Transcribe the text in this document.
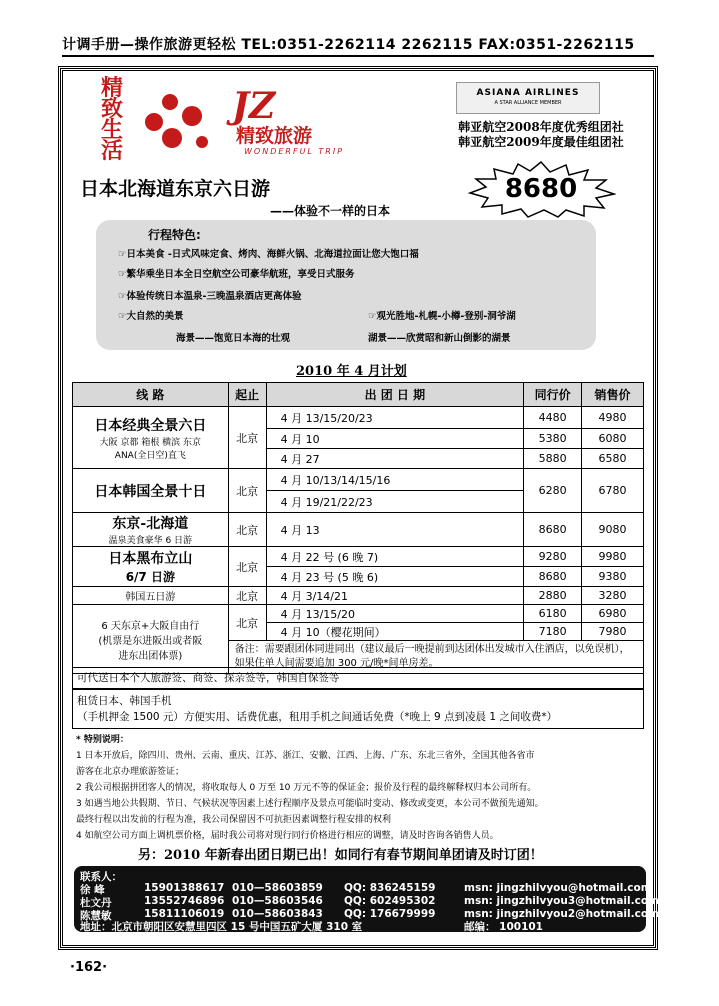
计调手册—操作旅游更轻松 TEL:0351-2262114 2262115 FAX:0351-2262115
精
致
生
活
JZ
精致旅游
WONDERFUL TRIP
ASIANA AIRLINES
A STAR ALLIANCE MEMBER
韩亚航空2008年度优秀组团社
韩亚航空2009年度最佳组团社
日本北海道东京六日游
——体验不一样的日本
8680
行程特色:
☞日本美食 -日式风味定食、烤肉、海鲜火锅、北海道拉面让您大饱口福
☞繁华乘坐日本全日空航空公司豪华航班，享受日式服务
☞体验传统日本温泉-三晚温泉酒店更高体验
☞大自然的美景	☞观光胜地-札幌-小樽-登别-洞爷湖
海景——饱览日本海的壮观	湖景——欣赏昭和新山倒影的湖景
2010 年 4 月计划
线 路	起止	出 团 日 期	同行价	销售价

日本经典全景六日
大阪 京都 箱根 横滨 东京
ANA(全日空)直飞	北京	4 月 13/15/20/23	4480	4980
		4 月 10	5380	6080
		4 月 27	5880	6580

日本韩国全景十日	北京	4 月 10/13/14/15/16	6280	6780
		4 月 19/21/22/23		

东京-北海道
温泉美食豪华 6 日游	北京	4 月 13	8680	9080

日本黑布立山
6/7 日游	北京	4 月 22 号 (6 晚 7)	9280	9980
		4 月 23 号 (5 晚 6)	8680	9380

韩国五日游	北京	4 月 3/14/21	2880	3280

6 天东京+大阪自由行
(机票是东进阪出或者阪
进东出团体票)	北京	4 月 13/15/20	6180	6980
		4 月 10（樱花期间）	7180	7980
	备注：需要跟团体同进同出（建议最后一晚提前到达团体出发城市入住酒店，以免误机），如果住单人间需要追加 300 元/晚*间单房差。			
可代送日本个人旅游签、商签、探亲签等，韩国自保签等
租赁日本、韩国手机
（手机押金 1500 元）方便实用、话费优惠，租用手机之间通话免费（*晚上 9 点到凌晨 1 之间收费*）
* 特别说明：
1 日本开放后，除四川、贵州、云南、重庆、江苏、浙江、安徽、江西、上海、广东、东北三省外，全国其他各省市
游客在北京办理旅游签证；
2 我公司根据拼团客人的情况，将收取每人 0 万至 10 万元不等的保证金；报价及行程的最终解释权归本公司所有。
3 如遇当地公共假期、节日、气候状况等因素上述行程顺序及景点可能临时变动、修改或变更，本公司不做预先通知。
最终行程以出发前的行程为准，我公司保留因不可抗拒因素调整行程安排的权利
4 如航空公司方面上调机票价格，届时我公司将对现行同行价格进行相应的调整，请及时咨询各销售人员。
另：2010 年新春出团日期已出！如同行有春节期间单团请及时订团！
联系人：
徐 峰	15901388617 010—58603859 QQ: 836245159	msn: jingzhilvyou@hotmail.com
杜文丹	13552746896 010—58603546 QQ: 602495302	msn: jingzhilvyou3@hotmail.com
陈慧敏	15811106019 010—58603843 QQ: 176679999	msn: jingzhilvyou2@hotmail.com
地址：北京市朝阳区安慧里四区 15 号中国五矿大厦 310 室	邮编： 100101
·162·
